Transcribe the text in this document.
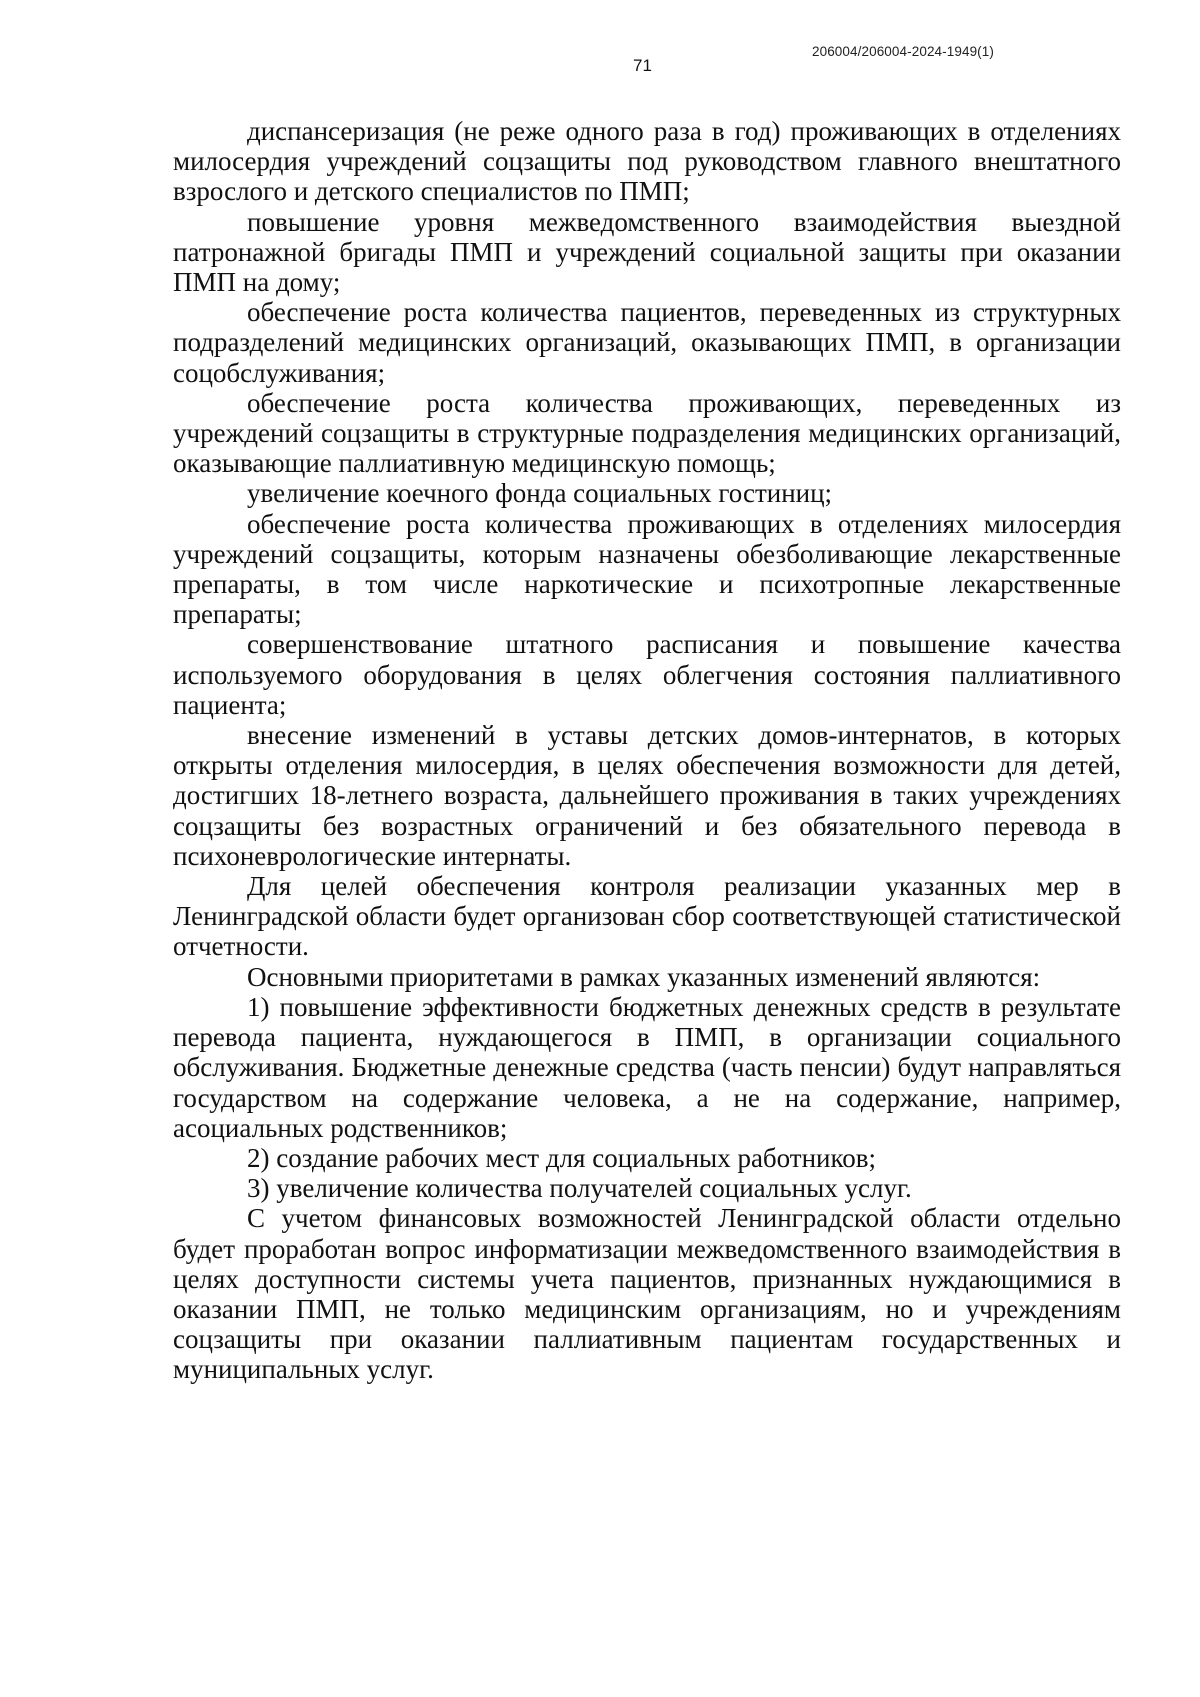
206004/206004-2024-1949(1)
71

диспансеризация (не реже одного раза в год) проживающих в отделениях милосердия учреждений соцзащиты под руководством главного внештатного взрослого и детского специалистов по ПМП;

повышение уровня межведомственного взаимодействия выездной патронажной бригады ПМП и учреждений социальной защиты при оказании ПМП на дому;

обеспечение роста количества пациентов, переведенных из структурных подразделений медицинских организаций, оказывающих ПМП, в организации соцобслуживания;

обеспечение роста количества проживающих, переведенных из учреждений соцзащиты в структурные подразделения медицинских организаций, оказывающие паллиативную медицинскую помощь;

увеличение коечного фонда социальных гостиниц;

обеспечение роста количества проживающих в отделениях милосердия учреждений соцзащиты, которым назначены обезболивающие лекарственные препараты, в том числе наркотические и психотропные лекарственные препараты;

совершенствование штатного расписания и повышение качества используемого оборудования в целях облегчения состояния паллиативного пациента;

внесение изменений в уставы детских домов-интернатов, в которых открыты отделения милосердия, в целях обеспечения возможности для детей, достигших 18-летнего возраста, дальнейшего проживания в таких учреждениях соцзащиты без возрастных ограничений и без обязательного перевода в психоневрологические интернаты.

Для целей обеспечения контроля реализации указанных мер в Ленинградской области будет организован сбор соответствующей статистической отчетности.

Основными приоритетами в рамках указанных изменений являются:

1) повышение эффективности бюджетных денежных средств в результате перевода пациента, нуждающегося в ПМП, в организации социального обслуживания. Бюджетные денежные средства (часть пенсии) будут направляться государством на содержание человека, а не на содержание, например, асоциальных родственников;

2) создание рабочих мест для социальных работников;

3) увеличение количества получателей социальных услуг.

С учетом финансовых возможностей Ленинградской области отдельно будет проработан вопрос информатизации межведомственного взаимодействия в целях доступности системы учета пациентов, признанных нуждающимися в оказании ПМП, не только медицинским организациям, но и учреждениям соцзащиты при оказании паллиативным пациентам государственных и муниципальных услуг.
